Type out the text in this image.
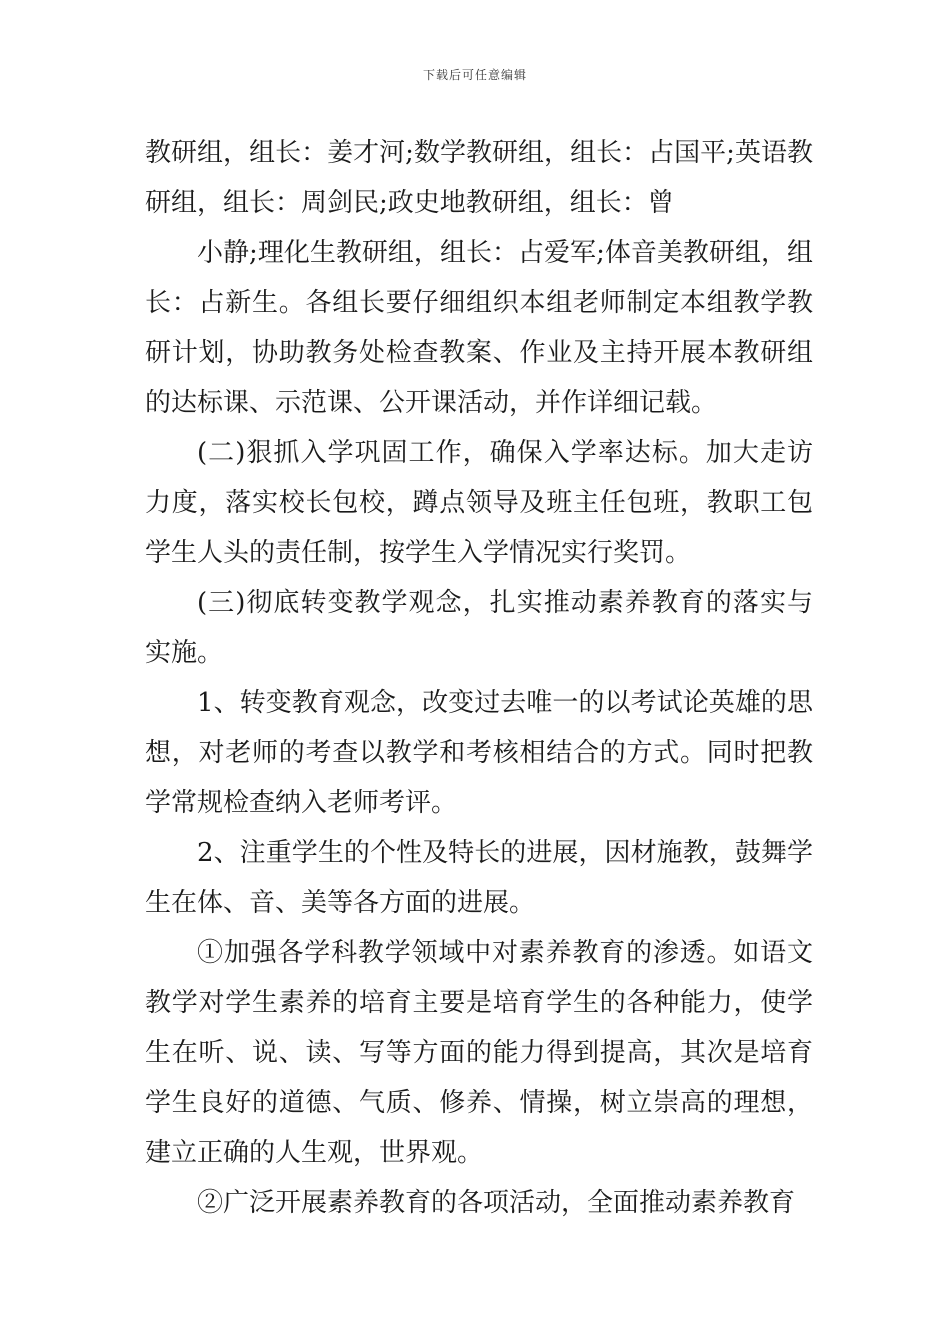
下载后可任意编辑

教研组，组长：姜才河;数学教研组，组长：占国平;英语教研组，组长：周剑民;政史地教研组，组长：曾

小静;理化生教研组，组长：占爱军;体音美教研组，组长：占新生。各组长要仔细组织本组老师制定本组教学教研计划，协助教务处检查教案、作业及主持开展本教研组的达标课、示范课、公开课活动，并作详细记载。

(二)狠抓入学巩固工作，确保入学率达标。加大走访力度，落实校长包校，蹲点领导及班主任包班，教职工包学生人头的责任制，按学生入学情况实行奖罚。

(三)彻底转变教学观念，扎实推动素养教育的落实与实施。

1、转变教育观念，改变过去唯一的以考试论英雄的思想，对老师的考查以教学和考核相结合的方式。同时把教学常规检查纳入老师考评。

2、注重学生的个性及特长的进展，因材施教，鼓舞学生在体、音、美等各方面的进展。

①加强各学科教学领域中对素养教育的渗透。如语文教学对学生素养的培育主要是培育学生的各种能力，使学生在听、说、读、写等方面的能力得到提高，其次是培育学生良好的道德、气质、修养、情操，树立崇高的理想，建立正确的人生观，世界观。

②广泛开展素养教育的各项活动，全面推动素养教育
